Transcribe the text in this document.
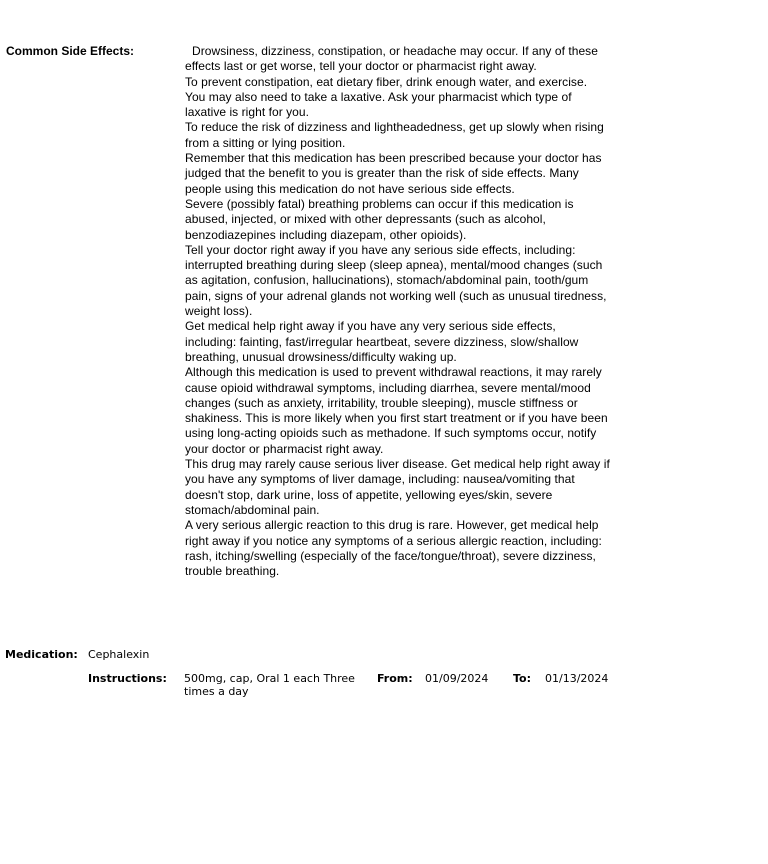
Common Side Effects:	Drowsiness, dizziness, constipation, or headache may occur. If any of these effects last or get worse, tell your doctor or pharmacist right away.

To prevent constipation, eat dietary fiber, drink enough water, and exercise. You may also need to take a laxative. Ask your pharmacist which type of laxative is right for you.

To reduce the risk of dizziness and lightheadedness, get up slowly when rising from a sitting or lying position.

Remember that this medication has been prescribed because your doctor has judged that the benefit to you is greater than the risk of side effects. Many people using this medication do not have serious side effects.

Severe (possibly fatal) breathing problems can occur if this medication is abused, injected, or mixed with other depressants (such as alcohol, benzodiazepines including diazepam, other opioids).

Tell your doctor right away if you have any serious side effects, including: interrupted breathing during sleep (sleep apnea), mental/mood changes (such as agitation, confusion, hallucinations), stomach/abdominal pain, tooth/gum pain, signs of your adrenal glands not working well (such as unusual tiredness, weight loss).

Get medical help right away if you have any very serious side effects, including: fainting, fast/irregular heartbeat, severe dizziness, slow/shallow breathing, unusual drowsiness/difficulty waking up.

Although this medication is used to prevent withdrawal reactions, it may rarely cause opioid withdrawal symptoms, including diarrhea, severe mental/mood changes (such as anxiety, irritability, trouble sleeping), muscle stiffness or shakiness. This is more likely when you first start treatment or if you have been using long-acting opioids such as methadone. If such symptoms occur, notify your doctor or pharmacist right away.

This drug may rarely cause serious liver disease. Get medical help right away if you have any symptoms of liver damage, including: nausea/vomiting that doesn't stop, dark urine, loss of appetite, yellowing eyes/skin, severe stomach/abdominal pain.

A very serious allergic reaction to this drug is rare. However, get medical help right away if you notice any symptoms of a serious allergic reaction, including: rash, itching/swelling (especially of the face/tongue/throat), severe dizziness, trouble breathing.

Medication: Cephalexin
Instructions: 500mg, cap, Oral 1 each Three times a day
From: 01/09/2024 To: 01/13/2024
